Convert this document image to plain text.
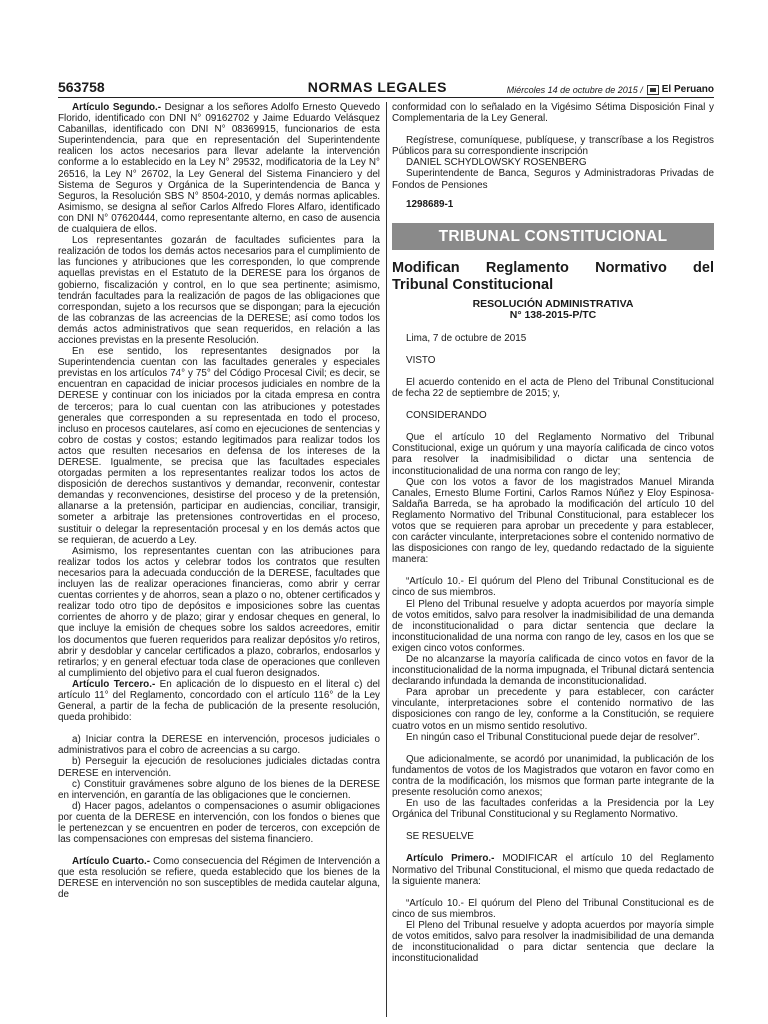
563758	NORMAS LEGALES	Miércoles 14 de octubre de 2015 / El Peruano

Artículo Segundo.- Designar a los señores Adolfo Ernesto Quevedo Florido, identificado con DNI N° 09162702 y Jaime Eduardo Velásquez Cabanillas, identificado con DNI N° 08369915, funcionarios de esta Superintendencia, para que en representación del Superintendente realicen los actos necesarios para llevar adelante la intervención conforme a lo establecido en la Ley N° 29532, modificatoria de la Ley N° 26516, la Ley N° 26702, la Ley General del Sistema Financiero y del Sistema de Seguros y Orgánica de la Superintendencia de Banca y Seguros, la Resolución SBS N° 8504-2010, y demás normas aplicables. Asimismo, se designa al señor Carlos Alfredo Flores Alfaro, identificado con DNI N° 07620444, como representante alterno, en caso de ausencia de cualquiera de ellos.

Los representantes gozarán de facultades suficientes para la realización de todos los demás actos necesarios para el cumplimiento de las funciones y atribuciones que les corresponden, lo que comprende aquellas previstas en el Estatuto de la DERESE para los órganos de gobierno, fiscalización y control, en lo que sea pertinente; asimismo, tendrán facultades para la realización de pagos de las obligaciones que correspondan, sujeto a los recursos que se dispongan; para la ejecución de las cobranzas de las acreencias de la DERESE; así como todos los demás actos administrativos que sean requeridos, en relación a las acciones previstas en la presente Resolución.

En ese sentido, los representantes designados por la Superintendencia cuentan con las facultades generales y especiales previstas en los artículos 74° y 75° del Código Procesal Civil; es decir, se encuentran en capacidad de iniciar procesos judiciales en nombre de la DERESE y continuar con los iniciados por la citada empresa en contra de terceros; para lo cual cuentan con las atribuciones y potestades generales que corresponden a su representada en todo el proceso, incluso en procesos cautelares, así como en ejecuciones de sentencias y cobro de costas y costos; estando legitimados para realizar todos los actos que resulten necesarios en defensa de los intereses de la DERESE. Igualmente, se precisa que las facultades especiales otorgadas permiten a los representantes realizar todos los actos de disposición de derechos sustantivos y demandar, reconvenir, contestar demandas y reconvenciones, desistirse del proceso y de la pretensión, allanarse a la pretensión, participar en audiencias, conciliar, transigir, someter a arbitraje las pretensiones controvertidas en el proceso, sustituir o delegar la representación procesal y en los demás actos que se requieran, de acuerdo a Ley.

Asimismo, los representantes cuentan con las atribuciones para realizar todos los actos y celebrar todos los contratos que resulten necesarios para la adecuada conducción de la DERESE, facultades que incluyen las de realizar operaciones financieras, como abrir y cerrar cuentas corrientes y de ahorros, sean a plazo o no, obtener certificados y realizar todo otro tipo de depósitos e imposiciones sobre las cuentas corrientes de ahorro y de plazo; girar y endosar cheques en general, lo que incluye la emisión de cheques sobre los saldos acreedores, emitir los documentos que fueren requeridos para realizar depósitos y/o retiros, abrir y desdoblar y cancelar certificados a plazo, cobrarlos, endosarlos y retirarlos; y en general efectuar toda clase de operaciones que conlleven al cumplimiento del objetivo para el cual fueron designados.

Artículo Tercero.- En aplicación de lo dispuesto en el literal c) del artículo 11° del Reglamento, concordado con el artículo 116° de la Ley General, a partir de la fecha de publicación de la presente resolución, queda prohibido:

a) Iniciar contra la DERESE en intervención, procesos judiciales o administrativos para el cobro de acreencias a su cargo.

b) Perseguir la ejecución de resoluciones judiciales dictadas contra DERESE en intervención.

c) Constituir gravámenes sobre alguno de los bienes de la DERESE en intervención, en garantía de las obligaciones que le conciernen.

d) Hacer pagos, adelantos o compensaciones o asumir obligaciones por cuenta de la DERESE en intervención, con los fondos o bienes que le pertenezcan y se encuentren en poder de terceros, con excepción de las compensaciones con empresas del sistema financiero.

Artículo Cuarto.- Como consecuencia del Régimen de Intervención a que esta resolución se refiere, queda establecido que los bienes de la DERESE en intervención no son susceptibles de medida cautelar alguna, de

conformidad con lo señalado en la Vigésimo Sétima Disposición Final y Complementaria de la Ley General.

Regístrese, comuníquese, publíquese, y transcríbase a los Registros Públicos para su correspondiente inscripción

DANIEL SCHYDLOWSKY ROSENBERG

Superintendente de Banca, Seguros y Administradoras Privadas de Fondos de Pensiones

1298689-1

TRIBUNAL CONSTITUCIONAL
Modifican Reglamento Normativo del
Tribunal Constitucional
RESOLUCIÓN ADMINISTRATIVA
N° 138-2015-P/TC

Lima, 7 de octubre de 2015

VISTO

El acuerdo contenido en el acta de Pleno del Tribunal Constitucional de fecha 22 de septiembre de 2015; y,

CONSIDERANDO

Que el artículo 10 del Reglamento Normativo del Tribunal Constitucional, exige un quórum y una mayoría calificada de cinco votos para resolver la inadmisibilidad o dictar una sentencia de inconstitucionalidad de una norma con rango de ley;

Que con los votos a favor de los magistrados Manuel Miranda Canales, Ernesto Blume Fortini, Carlos Ramos Núñez y Eloy Espinosa-Saldaña Barreda, se ha aprobado la modificación del artículo 10 del Reglamento Normativo del Tribunal Constitucional, para establecer los votos que se requieren para aprobar un precedente y para establecer, con carácter vinculante, interpretaciones sobre el contenido normativo de las disposiciones con rango de ley, quedando redactado de la siguiente manera:

“Artículo 10.- El quórum del Pleno del Tribunal Constitucional es de cinco de sus miembros.

El Pleno del Tribunal resuelve y adopta acuerdos por mayoría simple de votos emitidos, salvo para resolver la inadmisibilidad de una demanda de inconstitucionalidad o para dictar sentencia que declare la inconstitucionalidad de una norma con rango de ley, casos en los que se exigen cinco votos conformes.

De no alcanzarse la mayoría calificada de cinco votos en favor de la inconstitucionalidad de la norma impugnada, el Tribunal dictará sentencia declarando infundada la demanda de inconstitucionalidad.

Para aprobar un precedente y para establecer, con carácter vinculante, interpretaciones sobre el contenido normativo de las disposiciones con rango de ley, conforme a la Constitución, se requiere cuatro votos en un mismo sentido resolutivo.

En ningún caso el Tribunal Constitucional puede dejar de resolver”.

Que adicionalmente, se acordó por unanimidad, la publicación de los fundamentos de votos de los Magistrados que votaron en favor como en contra de la modificación, los mismos que forman parte integrante de la presente resolución como anexos;

En uso de las facultades conferidas a la Presidencia por la Ley Orgánica del Tribunal Constitucional y su Reglamento Normativo.

SE RESUELVE

Artículo Primero.- MODIFICAR el artículo 10 del Reglamento Normativo del Tribunal Constitucional, el mismo que queda redactado de la siguiente manera:

“Artículo 10.- El quórum del Pleno del Tribunal Constitucional es de cinco de sus miembros.

El Pleno del Tribunal resuelve y adopta acuerdos por mayoría simple de votos emitidos, salvo para resolver la inadmisibilidad de una demanda de inconstitucionalidad o para dictar sentencia que declare la inconstitucionalidad
